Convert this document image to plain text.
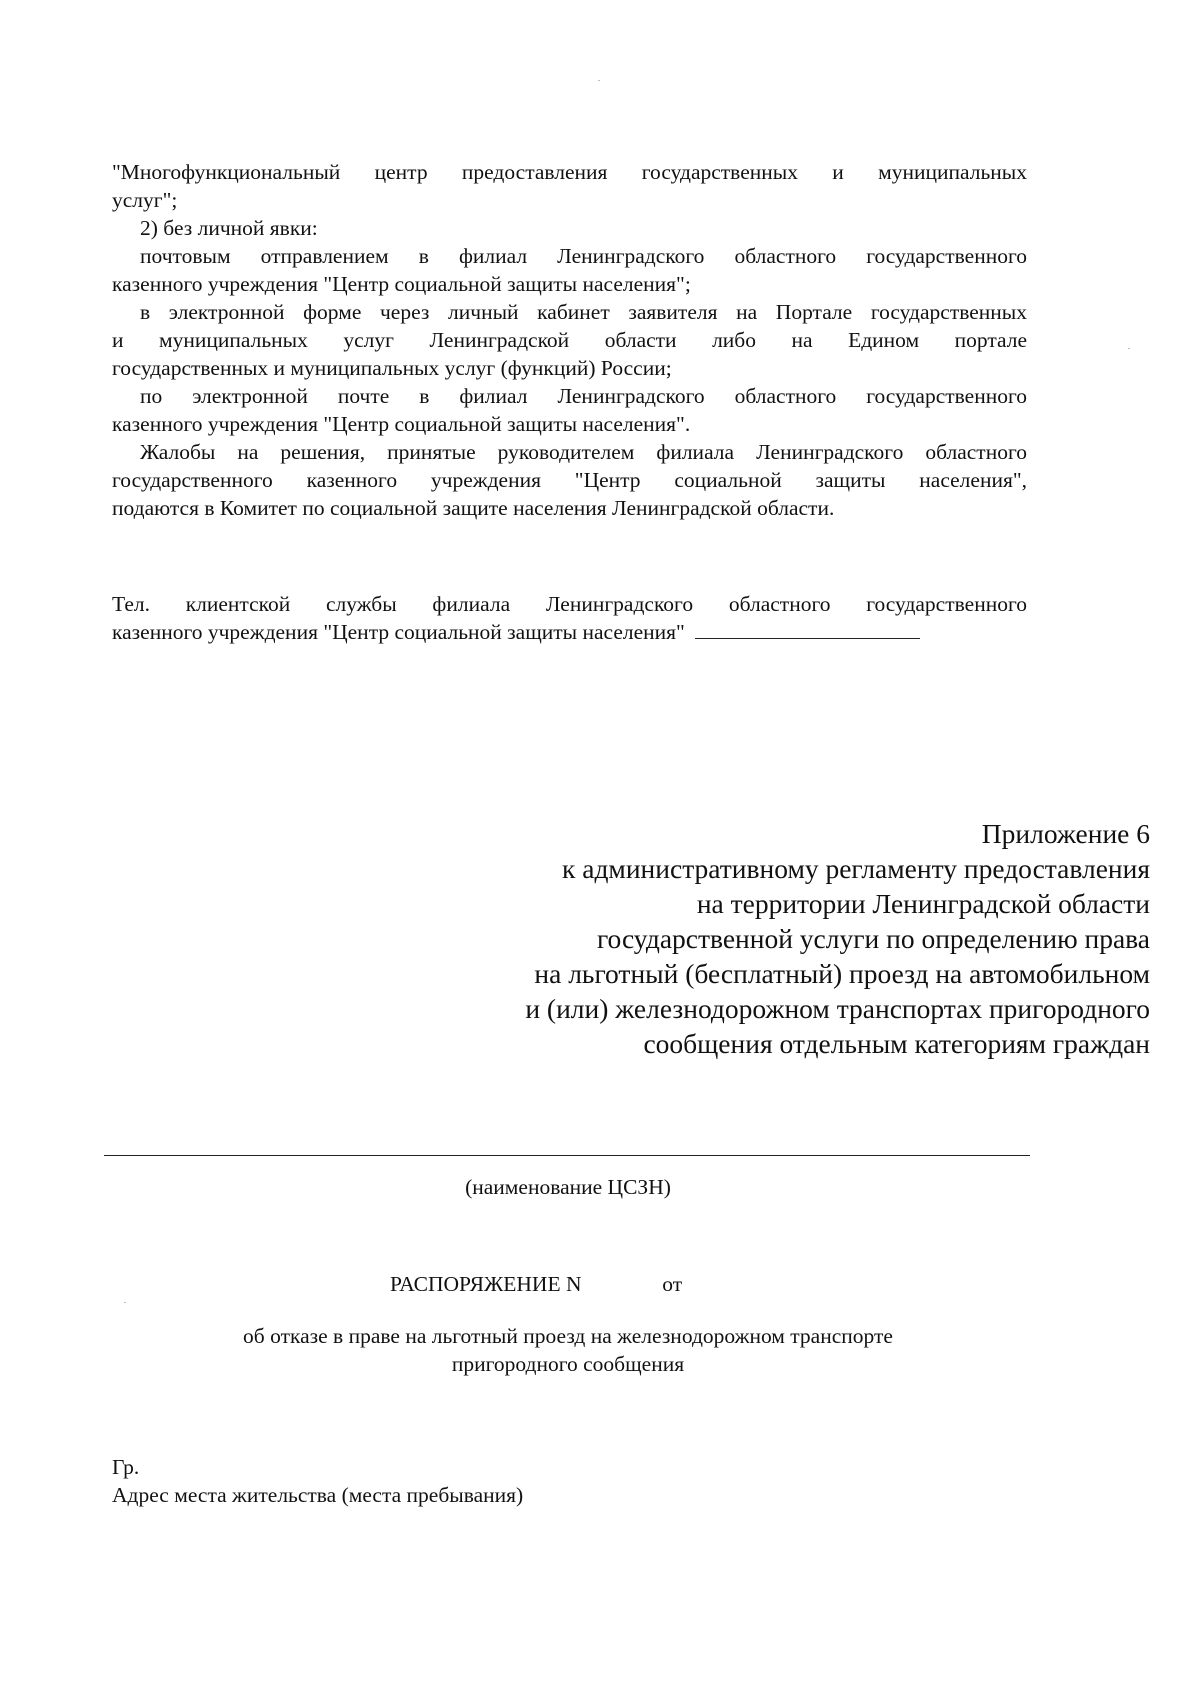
"Многофункциональный центр предоставления государственных и муниципальных
услуг";
2) без личной явки:
почтовым отправлением в филиал Ленинградского областного государственного
казенного учреждения "Центр социальной защиты населения";
в электронной форме через личный кабинет заявителя на Портале государственных
и муниципальных услуг Ленинградской области либо на Едином портале
государственных и муниципальных услуг (функций) России;
по электронной почте в филиал Ленинградского областного государственного
казенного учреждения "Центр социальной защиты населения".
Жалобы на решения, принятые руководителем филиала Ленинградского областного
государственного казенного учреждения "Центр социальной защиты населения",
подаются в Комитет по социальной защите населения Ленинградской области.
Тел. клиентской службы филиала Ленинградского областного государственного
казенного учреждения "Центр социальной защиты населения"
Приложение 6
к административному регламенту предоставления
на территории Ленинградской области
государственной услуги по определению права
на льготный (бесплатный) проезд на автомобильном
и (или) железнодорожном транспортах пригородного
сообщения отдельным категориям граждан
(наименование ЦСЗН)
РАСПОРЯЖЕНИЕ N	от
об отказе в праве на льготный проезд на железнодорожном транспорте
пригородного сообщения
Гр.
Адрес места жительства (места пребывания)
